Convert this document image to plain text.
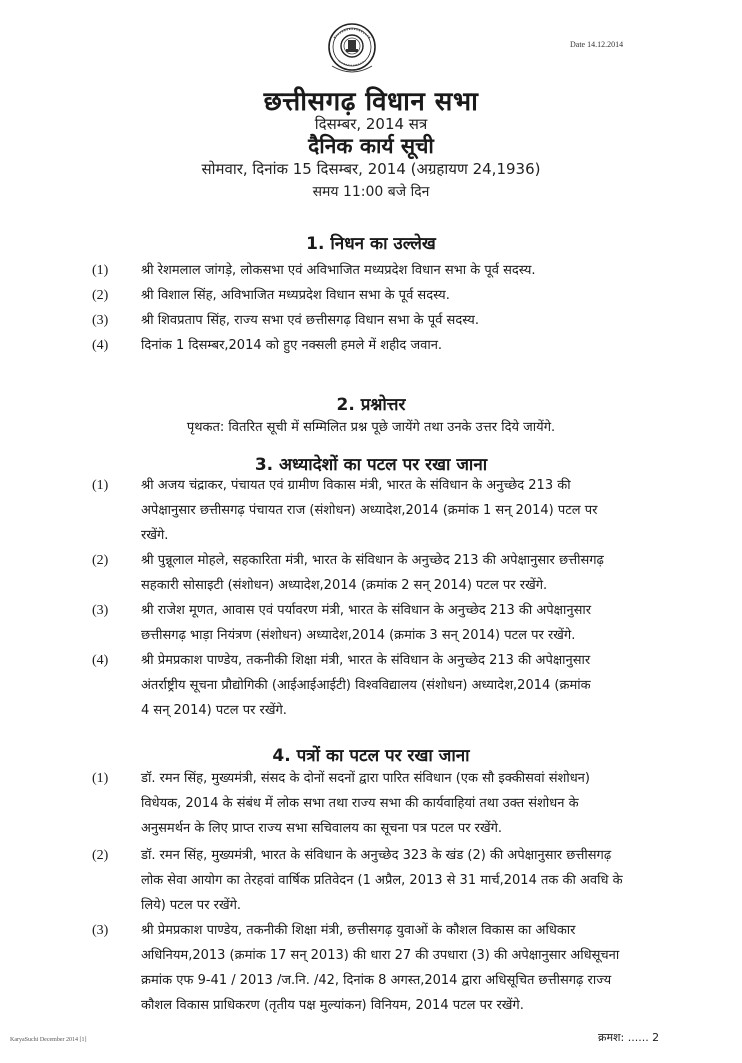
Date 14.12.2014
छत्तीसगढ़ विधान सभा
दिसम्बर, 2014 सत्र
दैनिक कार्य सूची
सोमवार, दिनांक 15 दिसम्बर, 2014 (अग्रहायण 24,1936)
समय 11:00 बजे दिन
1. निधन का उल्लेख
(1)	श्री रेशमलाल जांगड़े, लोकसभा एवं अविभाजित मध्यप्रदेश विधान सभा के पूर्व सदस्य.
(2)	श्री विशाल सिंह, अविभाजित मध्यप्रदेश विधान सभा के पूर्व सदस्य.
(3)	श्री शिवप्रताप सिंह, राज्य सभा एवं छत्तीसगढ़ विधान सभा के पूर्व सदस्य.
(4)	दिनांक 1 दिसम्बर,2014 को हुए नक्सली हमले में शहीद जवान.
2. प्रश्नोत्तर
पृथकत: वितरित सूची में सम्मिलित प्रश्न पूछे जायेंगे तथा उनके उत्तर दिये जायेंगे.
3. अध्यादेशों का पटल पर रखा जाना
(1)	श्री अजय चंद्राकर, पंचायत एवं ग्रामीण विकास मंत्री, भारत के संविधान के अनुच्छेद 213 की
अपेक्षानुसार छत्तीसगढ़ पंचायत राज (संशोधन) अध्यादेश,2014 (क्रमांक 1 सन् 2014) पटल पर
रखेंगे.
(2)	श्री पुन्नूलाल मोहले, सहकारिता मंत्री, भारत के संविधान के अनुच्छेद 213 की अपेक्षानुसार छत्तीसगढ़
सहकारी सोसाइटी (संशोधन) अध्यादेश,2014 (क्रमांक 2 सन् 2014) पटल पर रखेंगे.
(3)	श्री राजेश मूणत, आवास एवं पर्यावरण मंत्री, भारत के संविधान के अनुच्छेद 213 की अपेक्षानुसार
छत्तीसगढ़ भाड़ा नियंत्रण (संशोधन) अध्यादेश,2014 (क्रमांक 3 सन् 2014) पटल पर रखेंगे.
(4)	श्री प्रेमप्रकाश पाण्डेय, तकनीकी शिक्षा मंत्री, भारत के संविधान के अनुच्छेद 213 की अपेक्षानुसार
अंतर्राष्ट्रीय सूचना प्रौद्योगिकी (आईआईआईटी) विश्वविद्यालय (संशोधन) अध्यादेश,2014 (क्रमांक
4 सन् 2014) पटल पर रखेंगे.
4. पत्रों का पटल पर रखा जाना
(1)	डॉ. रमन सिंह, मुख्यमंत्री, संसद के दोनों सदनों द्वारा पारित संविधान (एक सौ इक्कीसवां संशोधन)
विधेयक, 2014 के संबंध में लोक सभा तथा राज्य सभा की कार्यवाहियां तथा उक्त संशोधन के
अनुसमर्थन के लिए प्राप्त राज्य सभा सचिवालय का सूचना पत्र पटल पर रखेंगे.
(2)	डॉ. रमन सिंह, मुख्यमंत्री, भारत के संविधान के अनुच्छेद 323 के खंड (2) की अपेक्षानुसार छत्तीसगढ़
लोक सेवा आयोग का तेरहवां वार्षिक प्रतिवेदन (1 अप्रैल, 2013 से 31 मार्च,2014 तक की अवधि के
लिये) पटल पर रखेंगे.
(3)	श्री प्रेमप्रकाश पाण्डेय, तकनीकी शिक्षा मंत्री, छत्तीसगढ़ युवाओं के कौशल विकास का अधिकार
अधिनियम,2013 (क्रमांक 17 सन् 2013) की धारा 27 की उपधारा (3) की अपेक्षानुसार अधिसूचना
क्रमांक एफ 9-41 / 2013 /ज.नि. /42, दिनांक 8 अगस्त,2014 द्वारा अधिसूचित छत्तीसगढ़ राज्य
कौशल विकास प्राधिकरण (तृतीय पक्ष मुल्यांकन) विनियम, 2014 पटल पर रखेंगे.
KaryaSuchi December 2014 [1]	क्रमश: ...... 2
